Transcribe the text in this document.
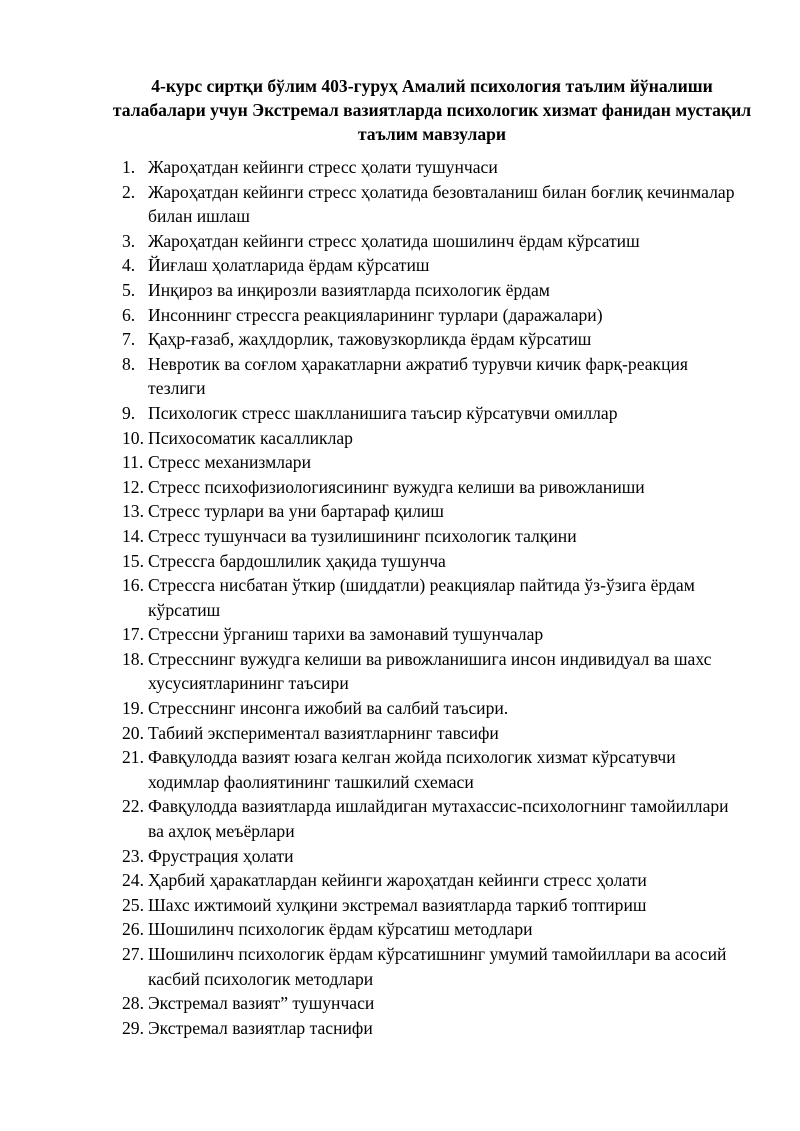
4-курс сиртқи бўлим 403-гуруҳ Амалий психология таълим йўналиши талабалари учун Экстремал вазиятларда психологик хизмат фанидан мустақил таълим мавзулари
1. Жароҳатдан кейинги стресс ҳолати тушунчаси
2. Жароҳатдан кейинги стресс ҳолатида безовталаниш билан боғлиқ кечинмалар билан ишлаш
3. Жароҳатдан кейинги стресс ҳолатида шошилинч ёрдам кўрсатиш
4. Йиғлаш ҳолатларида ёрдам кўрсатиш
5. Инқироз ва инқирозли вазиятларда психологик ёрдам
6. Инсоннинг стрессга реакцияларининг турлари (даражалари)
7. Қаҳр-ғазаб, жаҳлдорлик, тажовузкорликда ёрдам кўрсатиш
8. Невротик ва соғлом ҳаракатларни ажратиб турувчи кичик фарқ-реакция тезлиги
9. Психологик стресс шаклланишига таъсир кўрсатувчи омиллар
10. Психосоматик касалликлар
11. Стресс механизмлари
12. Стресс психофизиологиясининг вужудга келиши ва ривожланиши
13. Стресс турлари ва уни бартараф қилиш
14. Стресс тушунчаси ва тузилишининг психологик талқини
15. Стрессга бардошлилик ҳақида тушунча
16. Стрессга нисбатан ўткир (шиддатли) реакциялар пайтида ўз-ўзига ёрдам кўрсатиш
17. Стрессни ўрганиш тарихи ва замонавий тушунчалар
18. Стресснинг вужудга келиши ва ривожланишига инсон индивидуал ва шахс хусусиятларининг таъсири
19. Стресснинг инсонга ижобий ва салбий таъсири.
20. Табиий экспериментал вазиятларнинг тавсифи
21. Фавқулодда вазият юзага келган жойда психологик хизмат кўрсатувчи ходимлар фаолиятининг ташкилий схемаси
22. Фавқулодда вазиятларда ишлайдиган мутахассис-психологнинг тамойиллари ва аҳлоқ меъёрлари
23. Фрустрация ҳолати
24. Ҳарбий ҳаракатлардан кейинги жароҳатдан кейинги стресс ҳолати
25. Шахс ижтимоий хулқини экстремал вазиятларда таркиб топтириш
26. Шошилинч психологик ёрдам кўрсатиш методлари
27. Шошилинч психологик ёрдам кўрсатишнинг умумий тамойиллари ва асосий касбий психологик методлари
28. Экстремал вазият” тушунчаси
29. Экстремал вазиятлар таснифи
